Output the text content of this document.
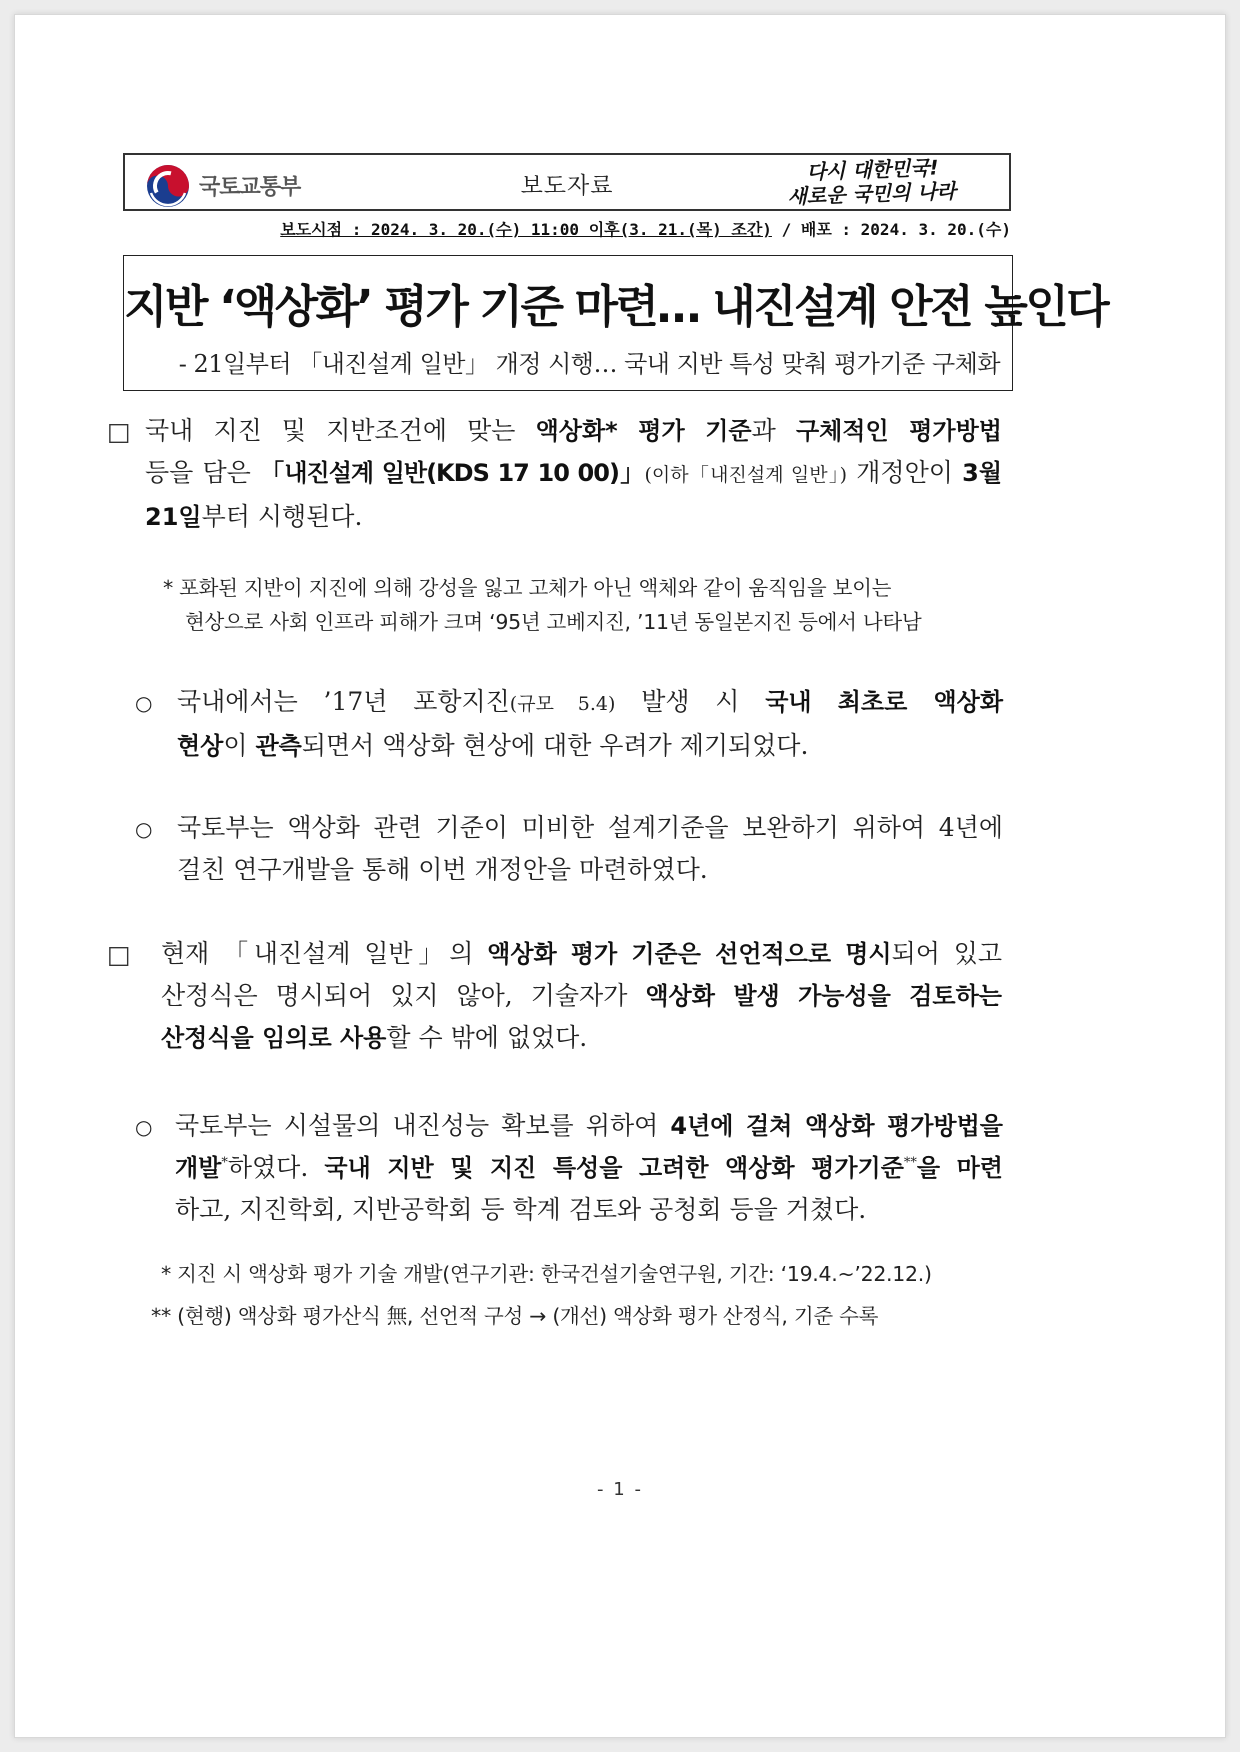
국토교통부	보도자료
다시 대한민국!
새로운 국민의 나라
보도시점 : 2024. 3. 20.(수) 11:00 이후(3. 21.(목) 조간) / 배포 : 2024. 3. 20.(수)
지반 ‘액상화’ 평가 기준 마련… 내진설계 안전 높인다
- 21일부터 「내진설계 일반」 개정 시행… 국내 지반 특성 맞춰 평가기준 구체화
□ 국내 지진 및 지반조건에 맞는 액상화* 평가 기준과 구체적인 평가방법
등을 담은 「내진설계 일반(KDS 17 10 00)」(이하「내진설계 일반」) 개정안이 3월
21일부터 시행된다.
* 포화된 지반이 지진에 의해 강성을 잃고 고체가 아닌 액체와 같이 움직임을 보이는
현상으로 사회 인프라 피해가 크며 ‘95년 고베지진, ’11년 동일본지진 등에서 나타남
○ 국내에서는 ’17년 포항지진(규모 5.4) 발생 시 국내 최초로 액상화
현상이 관측되면서 액상화 현상에 대한 우려가 제기되었다.
○ 국토부는 액상화 관련 기준이 미비한 설계기준을 보완하기 위하여 4년에
걸친 연구개발을 통해 이번 개정안을 마련하였다.
□ 현재 「내진설계 일반」의 액상화 평가 기준은 선언적으로 명시되어 있고
산정식은 명시되어 있지 않아, 기술자가 액상화 발생 가능성을 검토하는
산정식을 임의로 사용할 수 밖에 없었다.
○ 국토부는 시설물의 내진성능 확보를 위하여 4년에 걸쳐 액상화 평가방법을
개발*하였다. 국내 지반 및 지진 특성을 고려한 액상화 평가기준**을 마련
하고, 지진학회, 지반공학회 등 학계 검토와 공청회 등을 거쳤다.
* 지진 시 액상화 평가 기술 개발(연구기관: 한국건설기술연구원, 기간: ‘19.4.~’22.12.)
** (현행) 액상화 평가산식 無, 선언적 구성 → (개선) 액상화 평가 산정식, 기준 수록
- 1 -
